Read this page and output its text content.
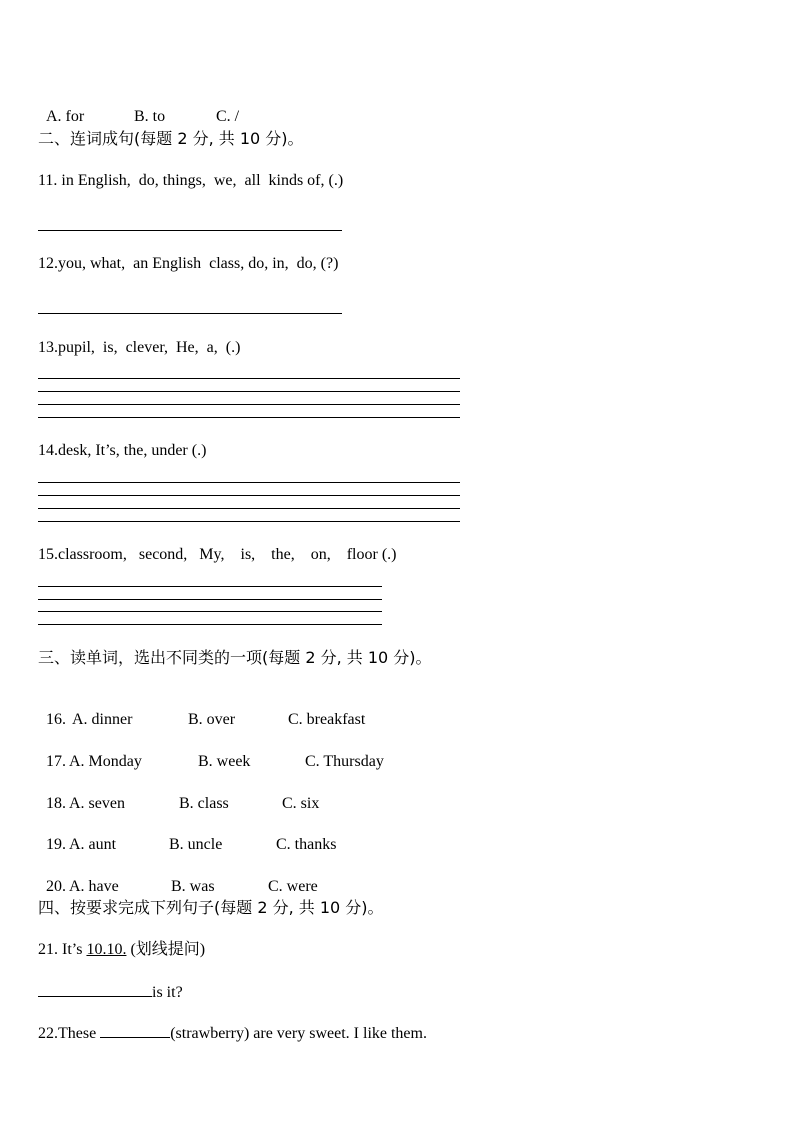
A. for	B. to	C. /

二、连词成句(每题 2 分, 共 10 分)。
11. in English,  do, things,  we,  all  kinds of, (.)
12.you, what,  an English  class, do, in,  do, (?)
13.pupil,  is,  clever,  He,  a,  (.)
14.desk, It’s, the, under (.)
15.classroom,   second,   My,    is,    the,    on,    floor (.)
三、读单词，选出不同类的一项(每题 2 分, 共 10 分)。

16. A. dinner	B. over	C. breakfast

17. A. Monday	B. week	C. Thursday

18. A. seven	B. class	C. six

19. A. aunt	B. uncle	C. thanks

20. A. have	B. was	C. were

四、按要求完成下列句子(每题 2 分, 共 10 分)。
21. It’s 10.10. (划线提问)
is it?
22.These	(strawberry) are very sweet. I like them.
